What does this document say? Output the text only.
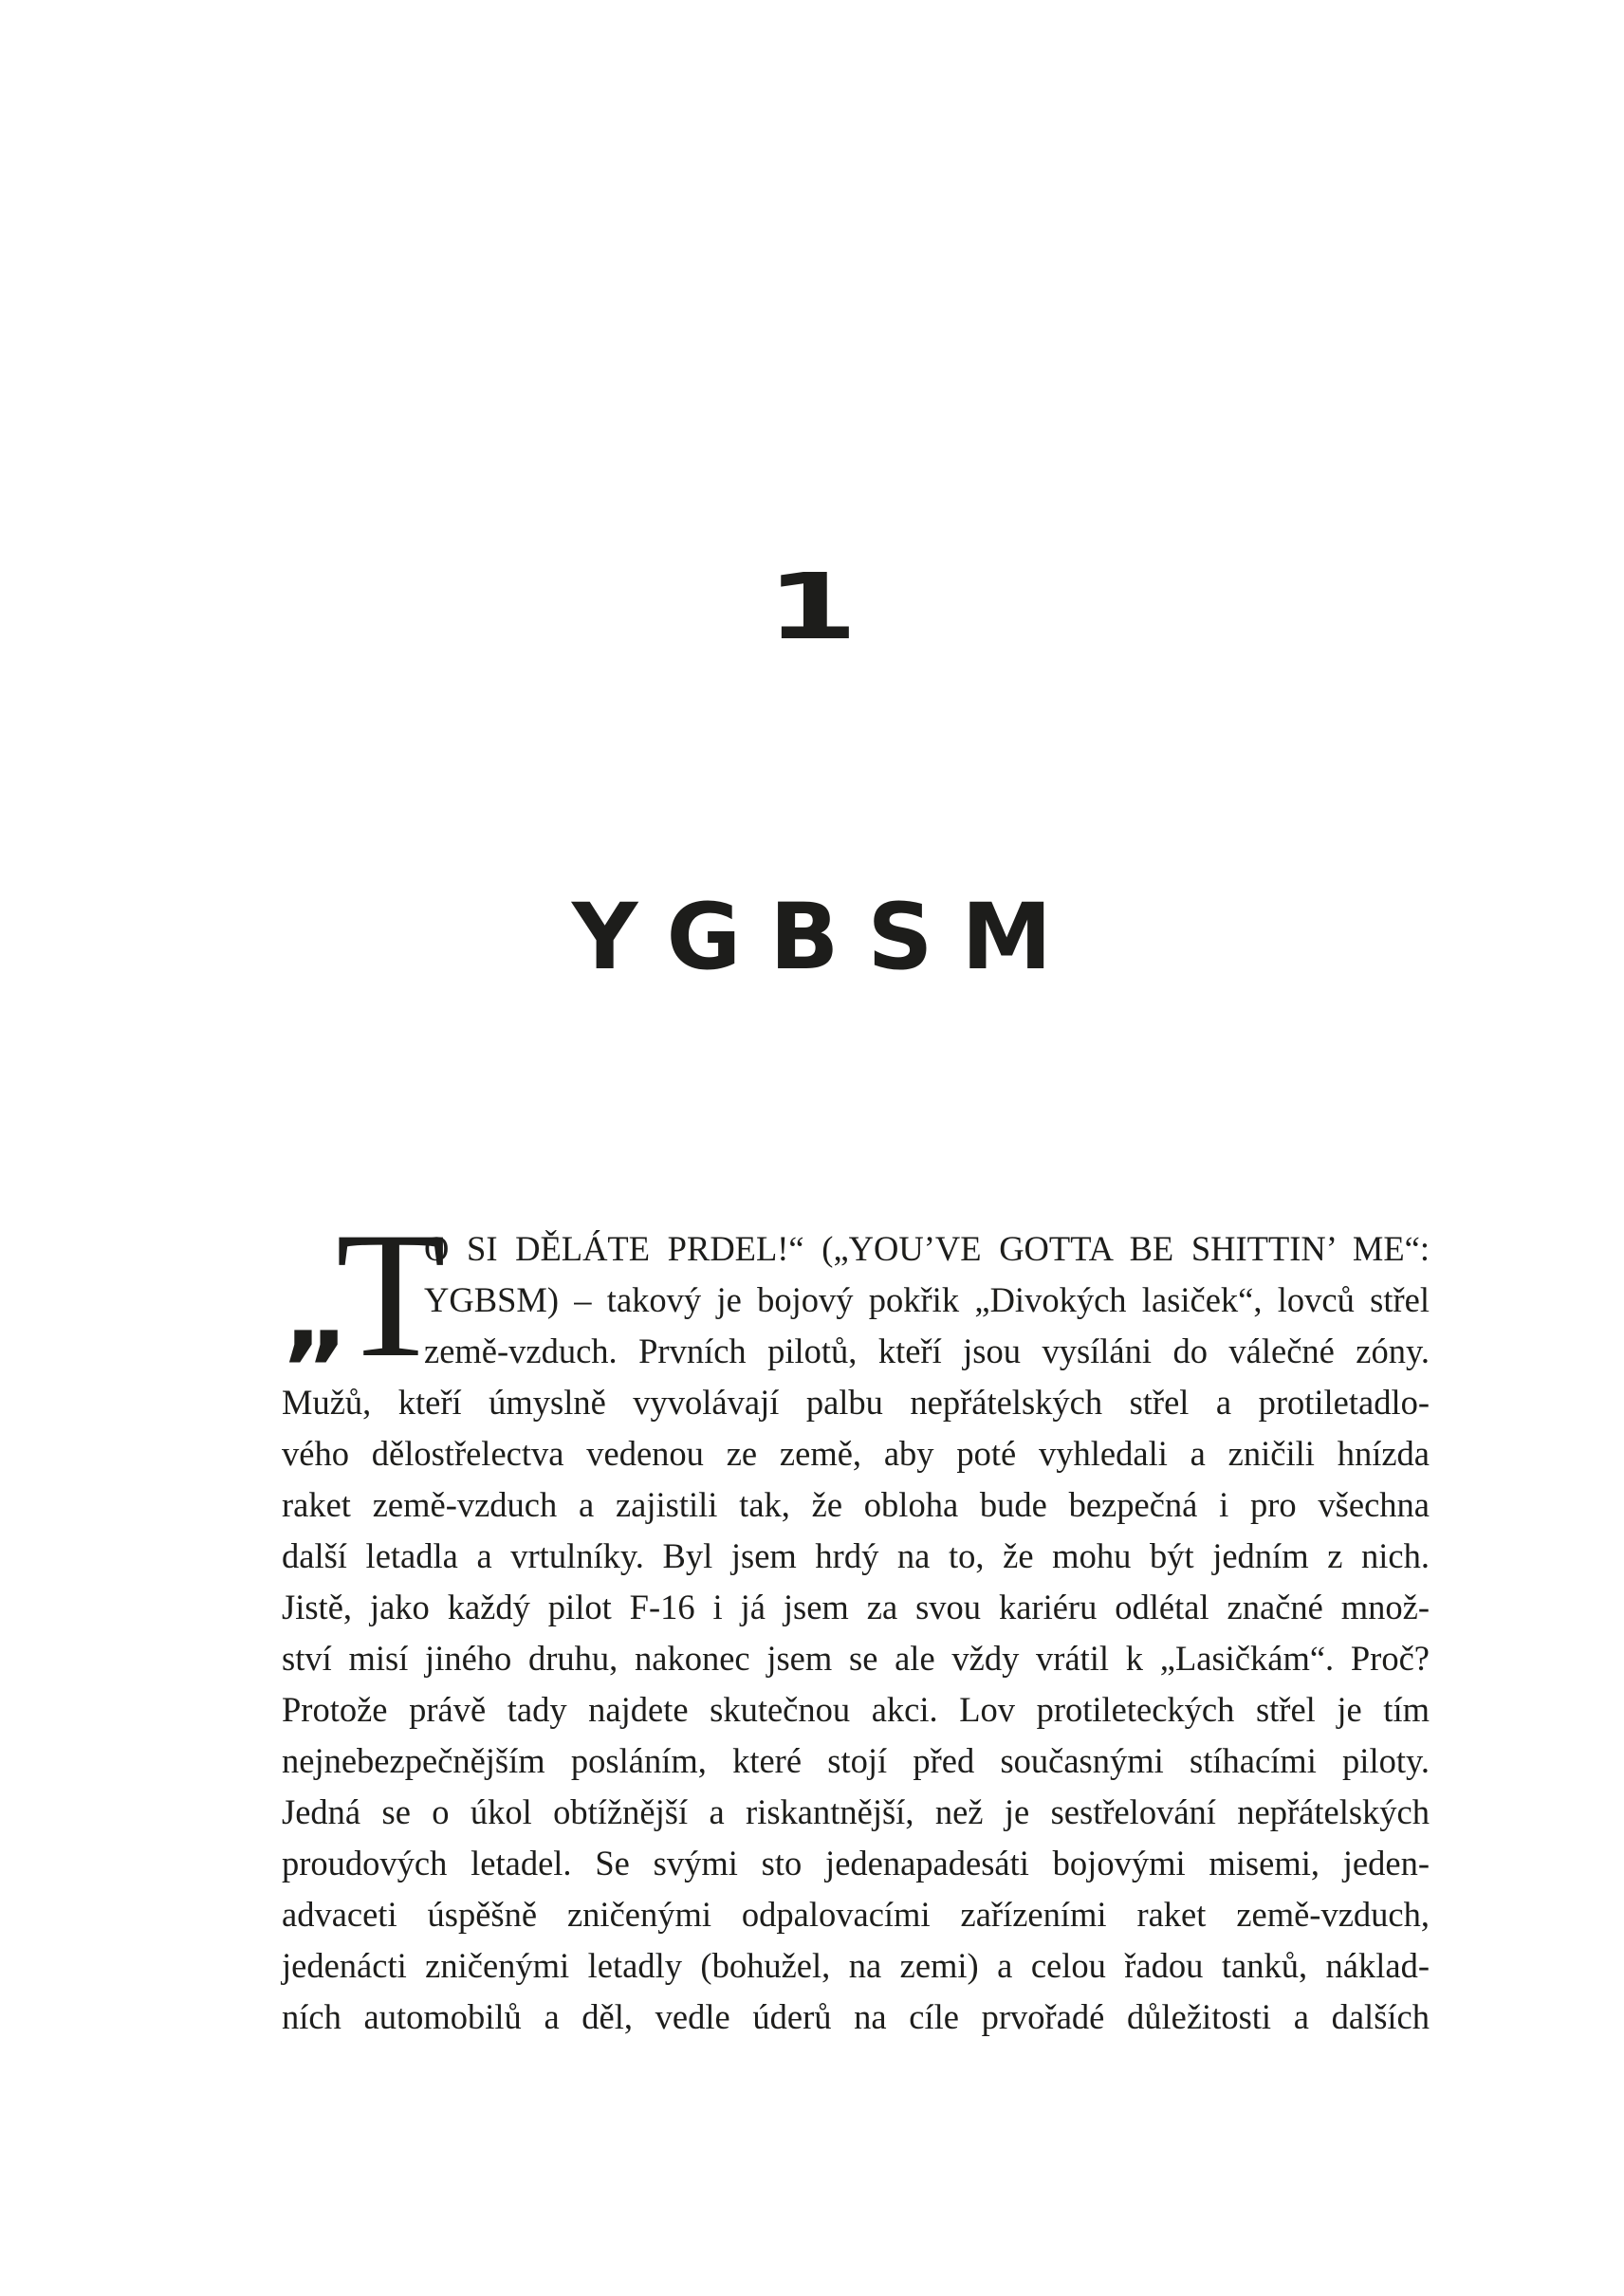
1
YGBSM
„
T
O SI DĚLÁTE PRDEL!“ („YOU’VE GOTTA BE SHITTIN’ ME“:
YGBSM) – takový je bojový pokřik „Divokých lasiček“, lovců střel
země-vzduch. Prvních pilotů, kteří jsou vysíláni do válečné zóny.
Mužů, kteří úmyslně vyvolávají palbu nepřátelských střel a protiletadlo-
vého dělostřelectva vedenou ze země, aby poté vyhledali a zničili hnízda
raket země-vzduch a zajistili tak, že obloha bude bezpečná i pro všechna
další letadla a vrtulníky. Byl jsem hrdý na to, že mohu být jedním z nich.
Jistě, jako každý pilot F-16 i já jsem za svou kariéru odlétal značné množ-
ství misí jiného druhu, nakonec jsem se ale vždy vrátil k „Lasičkám“. Proč?
Protože právě tady najdete skutečnou akci. Lov protileteckých střel je tím
nejnebezpečnějším posláním, které stojí před současnými stíhacími piloty.
Jedná se o úkol obtížnější a riskantnější, než je sestřelování nepřátelských
proudových letadel. Se svými sto jedenapadesáti bojovými misemi, jeden-
advaceti úspěšně zničenými odpalovacími zařízeními raket země-vzduch,
jedenácti zničenými letadly (bohužel, na zemi) a celou řadou tanků, náklad-
ních automobilů a děl, vedle úderů na cíle prvořadé důležitosti a dalších
